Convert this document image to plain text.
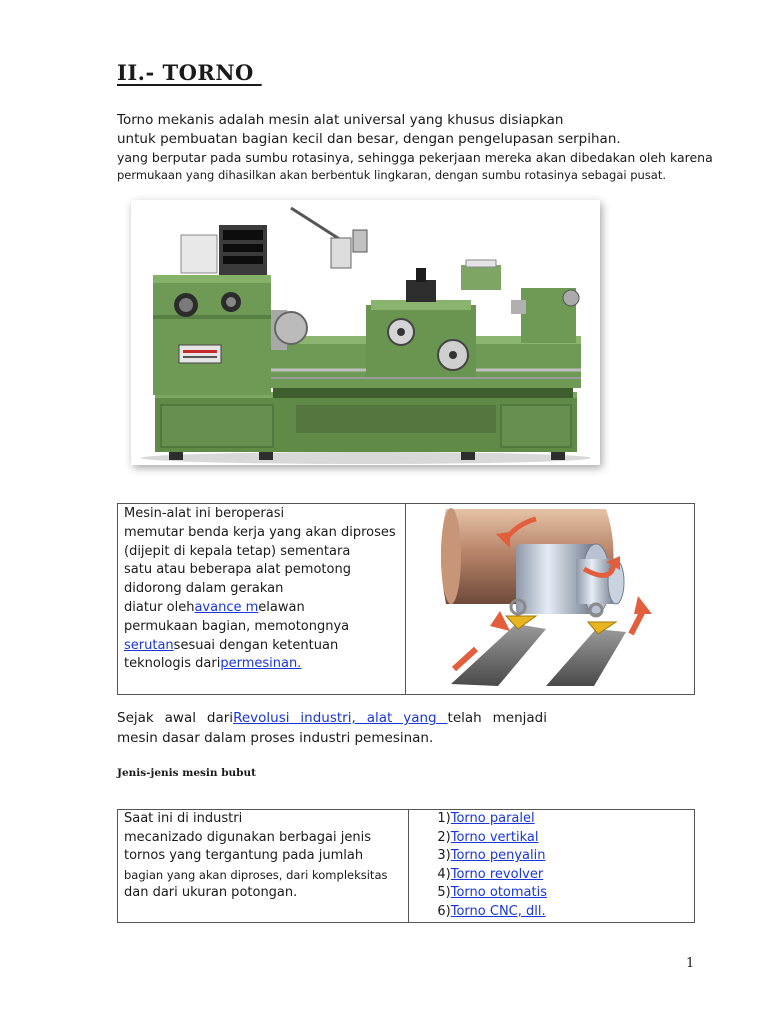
II.- TORNO
Torno mekanis adalah mesin alat universal yang khusus disiapkan
untuk pembuatan bagian kecil dan besar, dengan pengelupasan serpihan.
yang berputar pada sumbu rotasinya, sehingga pekerjaan mereka akan dibedakan oleh karena
permukaan yang dihasilkan akan berbentuk lingkaran, dengan sumbu rotasinya sebagai pusat.
Mesin-alat ini beroperasi
memutar benda kerja yang akan diproses
(dijepit di kepala tetap) sementara
satu atau beberapa alat pemotong
didorong dalam gerakan
diatur olehavance melawan
permukaan bagian, memotongnya
serutansesuai dengan ketentuan
teknologis daripermesinan.

Sejak awal dariRevolusi industri, alat yang telah menjadi
mesin dasar dalam proses industri pemesinan.
Jenis-jenis mesin bubut
Saat ini di industri
mecanizado digunakan berbagai jenis
tornos yang tergantung pada jumlah
bagian yang akan diproses, dari kompleksitas
dan dari ukuran potongan.

1)Torno paralel
2)Torno vertikal
3)Torno penyalin
4)Torno revolver
5)Torno otomatis
6)Torno CNC, dll.
1
